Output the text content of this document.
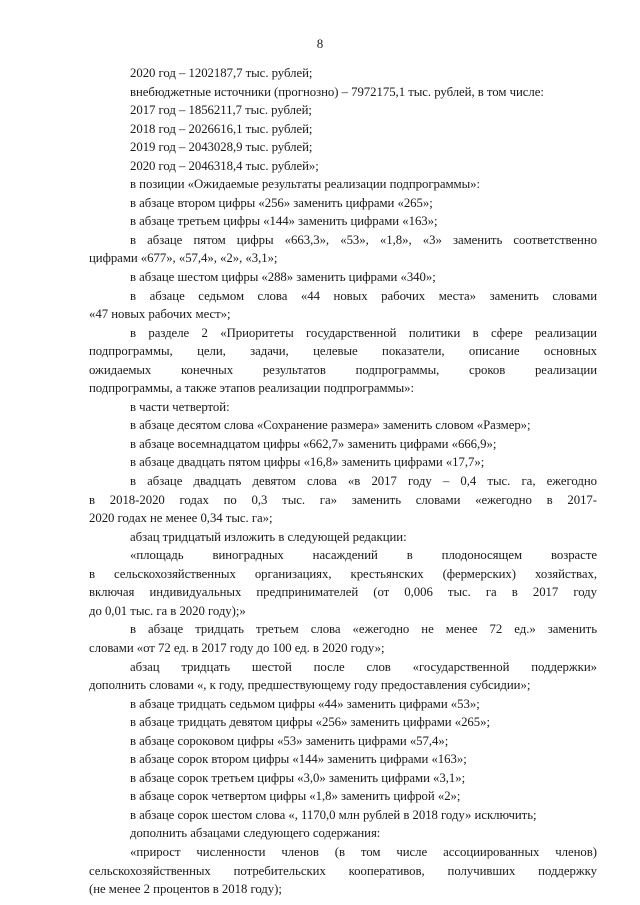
8
2020 год – 1202187,7 тыс. рублей;
внебюджетные источники (прогнозно) – 7972175,1 тыс. рублей, в том числе:
2017 год – 1856211,7 тыс. рублей;
2018 год – 2026616,1 тыс. рублей;
2019 год – 2043028,9 тыс. рублей;
2020 год – 2046318,4 тыс. рублей»;
в позиции «Ожидаемые результаты реализации подпрограммы»:
в абзаце втором цифры «256» заменить цифрами «265»;
в абзаце третьем цифры «144» заменить цифрами «163»;
в абзаце пятом цифры «663,3», «53», «1,8», «3» заменить соответственно
цифрами «677», «57,4», «2», «3,1»;
в абзаце шестом цифры «288» заменить цифрами «340»;
в абзаце седьмом слова «44 новых рабочих места» заменить словами
«47 новых рабочих мест»;
в разделе 2 «Приоритеты государственной политики в сфере реализации
подпрограммы, цели, задачи, целевые показатели, описание основных
ожидаемых конечных результатов подпрограммы, сроков реализации
подпрограммы, а также этапов реализации подпрограммы»:
в части четвертой:
в абзаце десятом слова «Сохранение размера» заменить словом «Размер»;
в абзаце восемнадцатом цифры «662,7» заменить цифрами «666,9»;
в абзаце двадцать пятом цифры «16,8» заменить цифрами «17,7»;
в абзаце двадцать девятом слова «в 2017 году – 0,4 тыс. га, ежегодно
в 2018-2020 годах по 0,3 тыс. га» заменить словами «ежегодно в 2017-
2020 годах не менее 0,34 тыс. га»;
абзац тридцатый изложить в следующей редакции:
«площадь виноградных насаждений в плодоносящем возрасте
в сельскохозяйственных организациях, крестьянских (фермерских) хозяйствах,
включая индивидуальных предпринимателей (от 0,006 тыс. га в 2017 году
до 0,01 тыс. га в 2020 году);»
в абзаце тридцать третьем слова «ежегодно не менее 72 ед.» заменить
словами «от 72 ед. в 2017 году до 100 ед. в 2020 году»;
абзац тридцать шестой после слов «государственной поддержки»
дополнить словами «, к году, предшествующему году предоставления субсидии»;
в абзаце тридцать седьмом цифры «44» заменить цифрами «53»;
в абзаце тридцать девятом цифры «256» заменить цифрами «265»;
в абзаце сороковом цифры «53» заменить цифрами «57,4»;
в абзаце сорок втором цифры «144» заменить цифрами «163»;
в абзаце сорок третьем цифры «3,0» заменить цифрами «3,1»;
в абзаце сорок четвертом цифры «1,8» заменить цифрой «2»;
в абзаце сорок шестом слова «, 1170,0 млн рублей в 2018 году» исключить;
дополнить абзацами следующего содержания:
«прирост численности членов (в том числе ассоциированных членов)
сельскохозяйственных потребительских кооперативов, получивших поддержку
(не менее 2 процентов в 2018 году);
